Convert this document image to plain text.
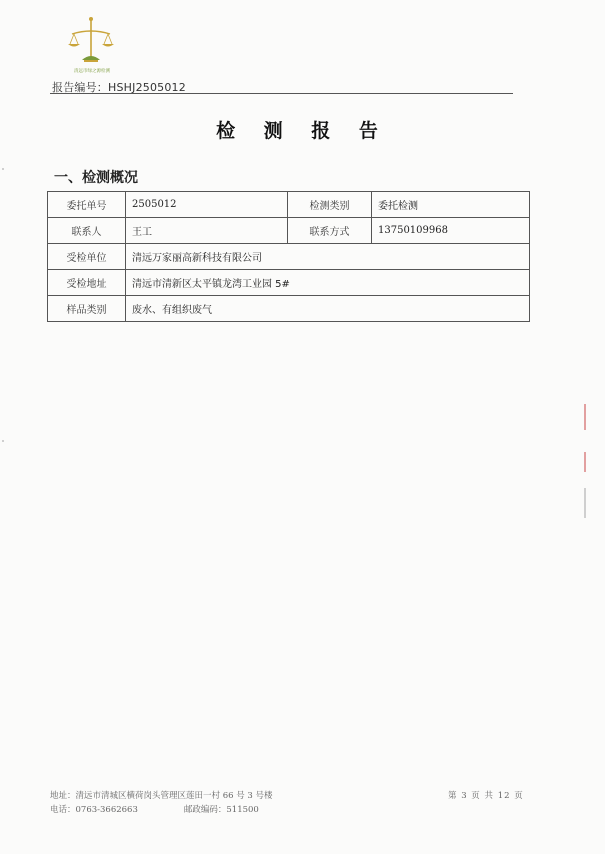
清远市绿之源检测
报告编号：HSHJ2505012
检 测 报 告
一、检测概况
委托单号	2505012	检测类别	委托检测
联系人	王工	联系方式	13750109968
受检单位	清远万家丽高新科技有限公司		
受检地址	清远市清新区太平镇龙湾工业园 5#		
样品类别	废水、有组织废气		
地址：清远市清城区横荷岗头管理区莲田一村 66 号 3 号楼
电话：0763-3662663	邮政编码：511500
第 3 页 共 12 页
